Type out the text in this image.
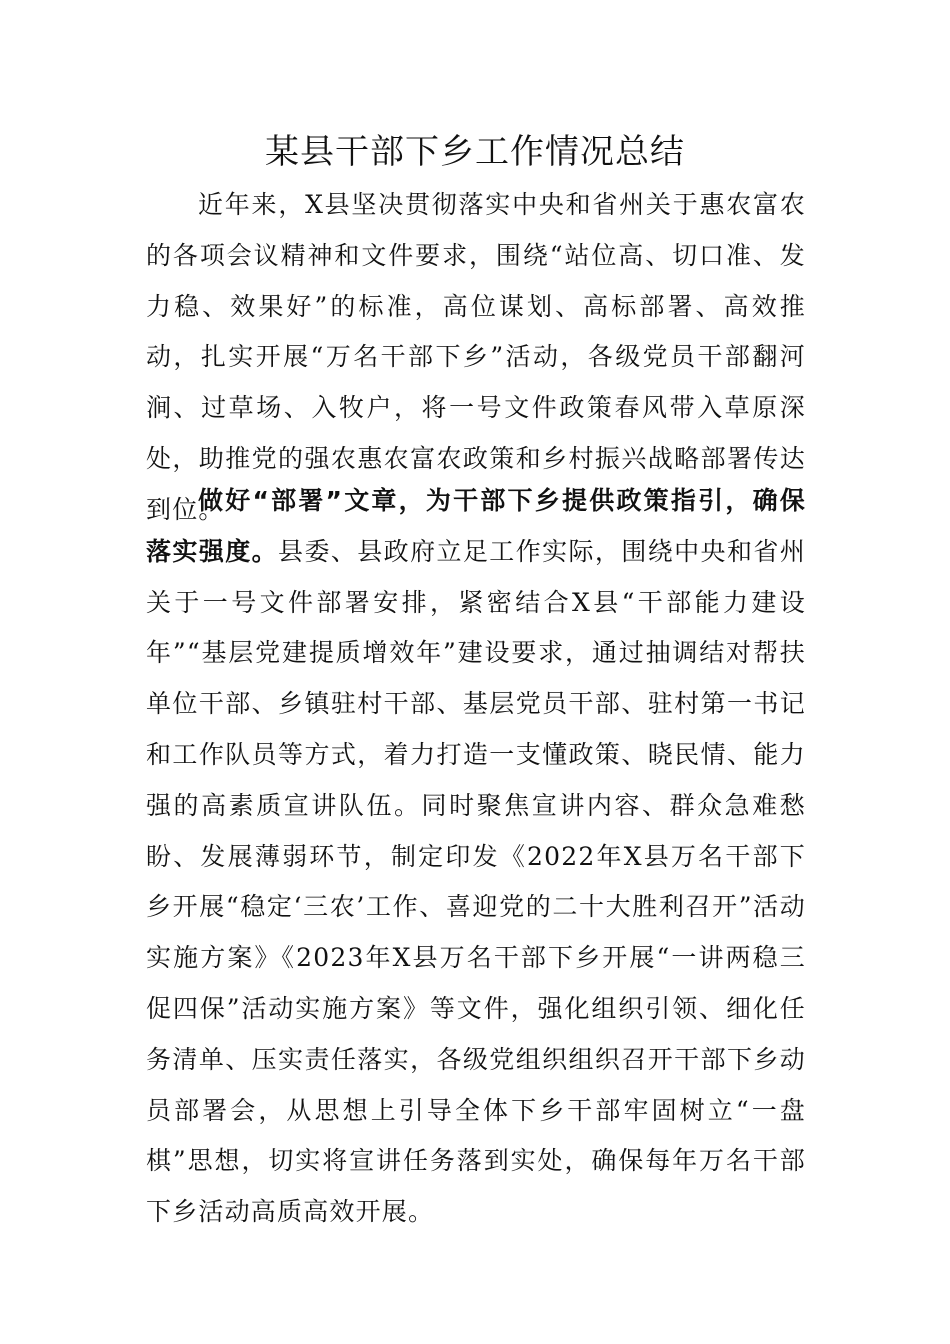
某县干部下乡工作情况总结

近年来，X县坚决贯彻落实中央和省州关于惠农富农的各项会议精神和文件要求，围绕“站位高、切口准、发力稳、效果好”的标准，高位谋划、高标部署、高效推动，扎实开展“万名干部下乡”活动，各级党员干部翻河涧、过草场、入牧户，将一号文件政策春风带入草原深处，助推党的强农惠农富农政策和乡村振兴战略部署传达到位。

做好“部署”文章，为干部下乡提供政策指引，确保落实强度。县委、县政府立足工作实际，围绕中央和省州关于一号文件部署安排，紧密结合X县“干部能力建设年”“基层党建提质增效年”建设要求，通过抽调结对帮扶单位干部、乡镇驻村干部、基层党员干部、驻村第一书记和工作队员等方式，着力打造一支懂政策、晓民情、能力强的高素质宣讲队伍。同时聚焦宣讲内容、群众急难愁盼、发展薄弱环节，制定印发《2022年X县万名干部下乡开展“稳定‘三农’工作、喜迎党的二十大胜利召开”活动实施方案》《2023年X县万名干部下乡开展“一讲两稳三促四保”活动实施方案》等文件，强化组织引领、细化任务清单、压实责任落实，各级党组织组织召开干部下乡动员部署会，从思想上引导全体下乡干部牢固树立“一盘棋”思想，切实将宣讲任务落到实处，确保每年万名干部下乡活动高质高效开展。
